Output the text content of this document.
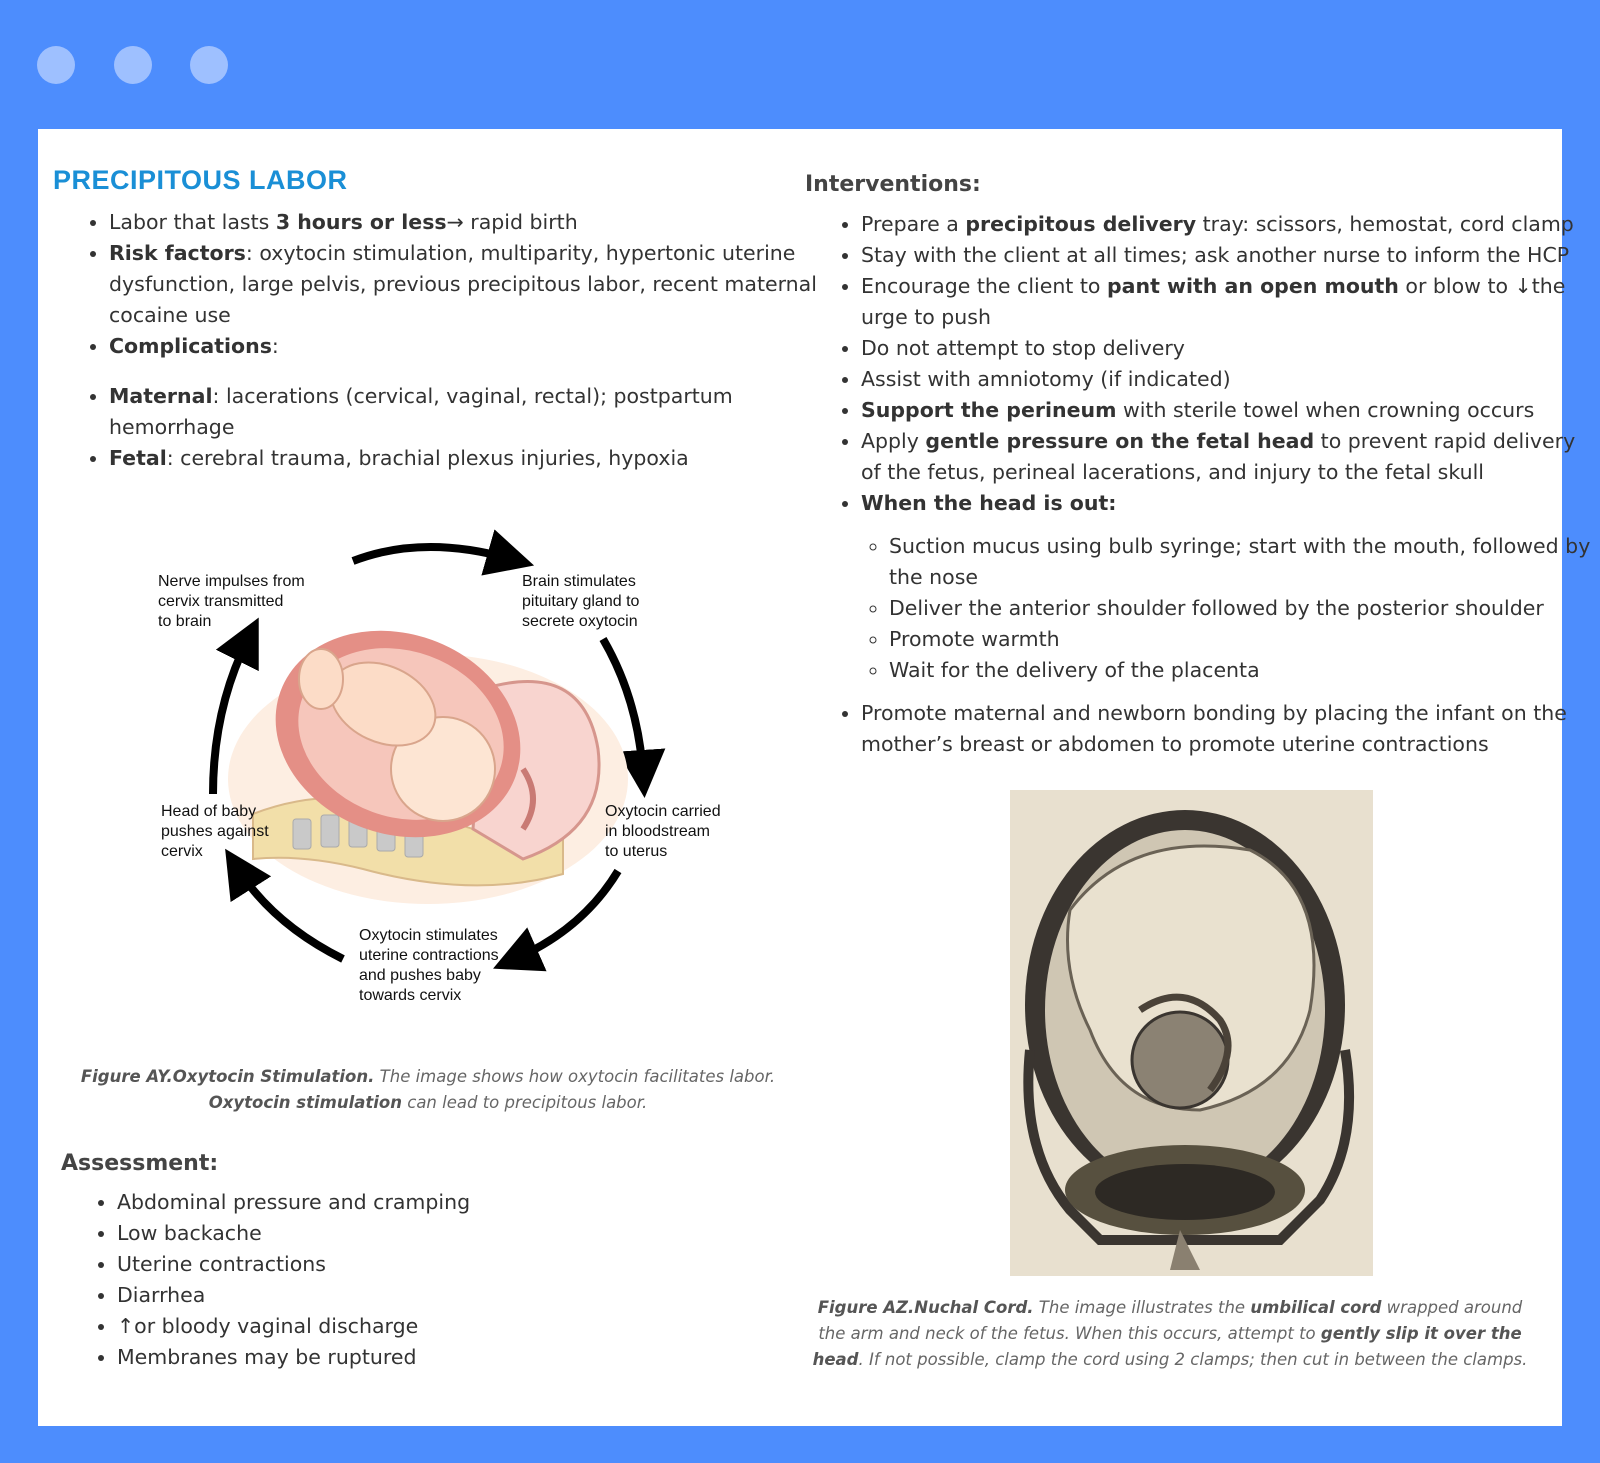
PRECIPITOUS LABOR
• Labor that lasts 3 hours or less→ rapid birth
• Risk factors: oxytocin stimulation, multiparity, hypertonic uterine dysfunction, large pelvis, previous precipitous labor, recent maternal cocaine use
• Complications:
• Maternal: lacerations (cervical, vaginal, rectal); postpartum hemorrhage
• Fetal: cerebral trauma, brachial plexus injuries, hypoxia
Nerve impulses from
cervix transmitted
to brain
Brain stimulates
pituitary gland to
secrete oxytocin
Oxytocin carried
in bloodstream
to uterus
Oxytocin stimulates
uterine contractions
and pushes baby
towards cervix
Head of baby
pushes against
cervix
Figure AY.Oxytocin Stimulation. The image shows how oxytocin facilitates labor. Oxytocin stimulation can lead to precipitous labor.
Assessment:
• Abdominal pressure and cramping
• Low backache
• Uterine contractions
• Diarrhea
• ↑or bloody vaginal discharge
• Membranes may be ruptured
Interventions:
• Prepare a precipitous delivery tray: scissors, hemostat, cord clamp
• Stay with the client at all times; ask another nurse to inform the HCP
• Encourage the client to pant with an open mouth or blow to ↓the urge to push
• Do not attempt to stop delivery
• Assist with amniotomy (if indicated)
• Support the perineum with sterile towel when crowning occurs
• Apply gentle pressure on the fetal head to prevent rapid delivery of the fetus, perineal lacerations, and injury to the fetal skull
• When the head is out:
◦ Suction mucus using bulb syringe; start with the mouth, followed by the nose
◦ Deliver the anterior shoulder followed by the posterior shoulder
◦ Promote warmth
◦ Wait for the delivery of the placenta
• Promote maternal and newborn bonding by placing the infant on the mother’s breast or abdomen to promote uterine contractions
Figure AZ.Nuchal Cord. The image illustrates the umbilical cord wrapped around the arm and neck of the fetus. When this occurs, attempt to gently slip it over the head. If not possible, clamp the cord using 2 clamps; then cut in between the clamps.
